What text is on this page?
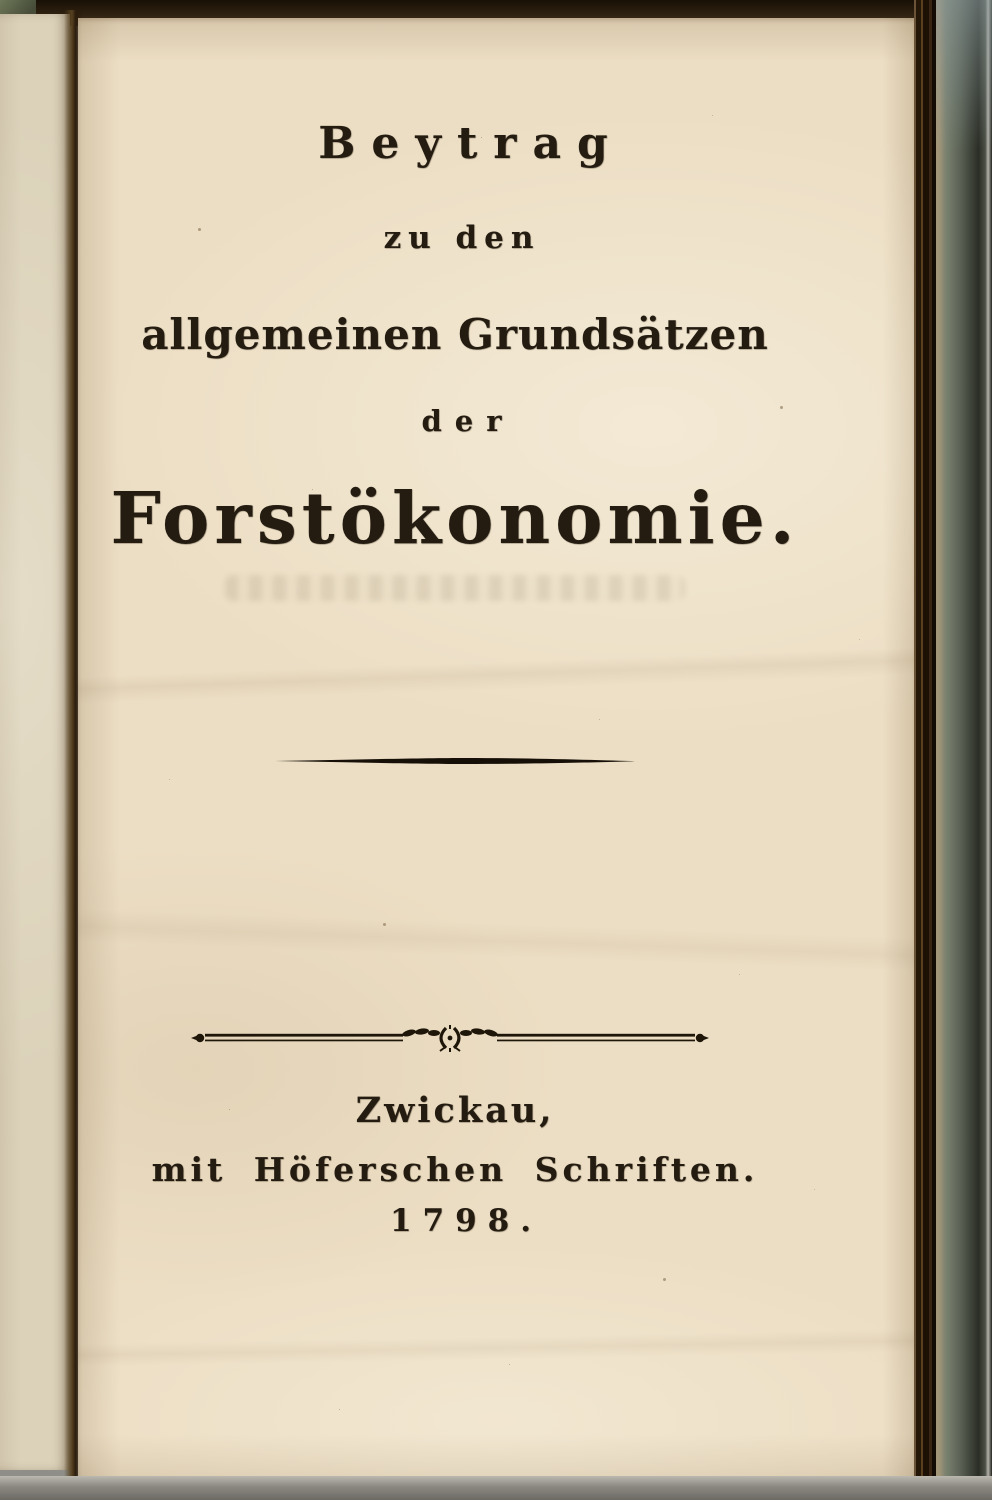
Beytrag
zu den
allgemeinen Grundsätzen
der
Forstökonomie.
Zwickau,
mit Höferschen Schriften.
1798.
